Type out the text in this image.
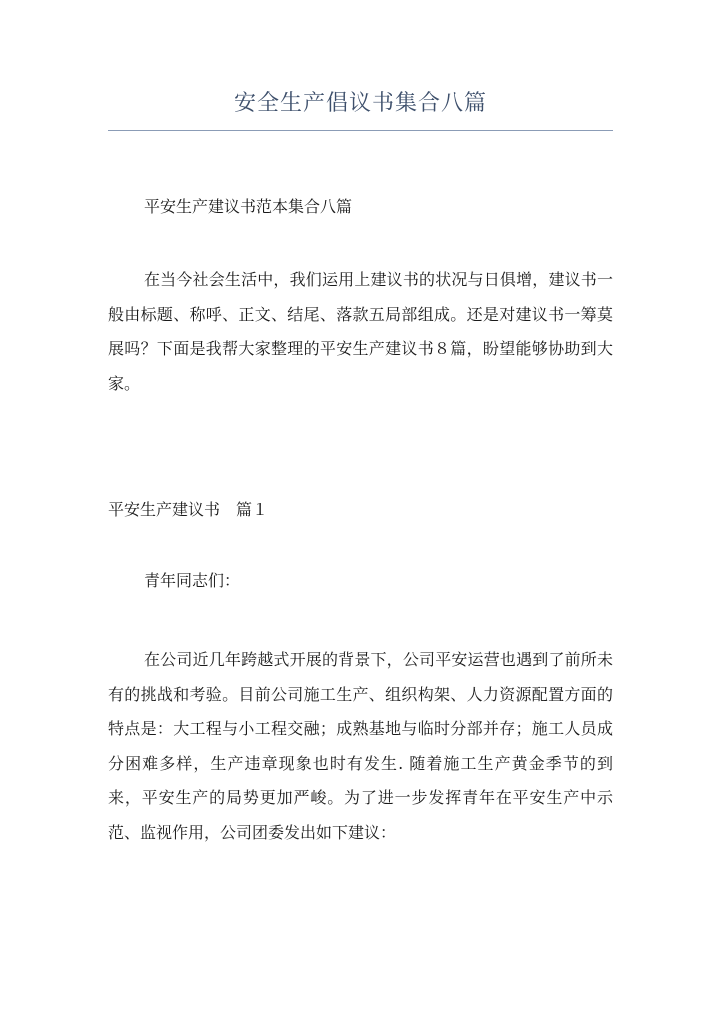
安全生产倡议书集合八篇

平安生产建议书范本集合八篇

在当今社会生活中，我们运用上建议书的状况与日俱增，建议书一般由标题、称呼、正文、结尾、落款五局部组成。还是对建议书一筹莫展吗？下面是我帮大家整理的平安生产建议书８篇，盼望能够协助到大家。

平安生产建议书　篇１

青年同志们：

在公司近几年跨越式开展的背景下，公司平安运营也遇到了前所未有的挑战和考验。目前公司施工生产、组织构架、人力资源配置方面的特点是：大工程与小工程交融；成熟基地与临时分部并存；施工人员成分困难多样，生产违章现象也时有发生. 随着施工生产黄金季节的到来，平安生产的局势更加严峻。为了进一步发挥青年在平安生产中示范、监视作用，公司团委发出如下建议：
